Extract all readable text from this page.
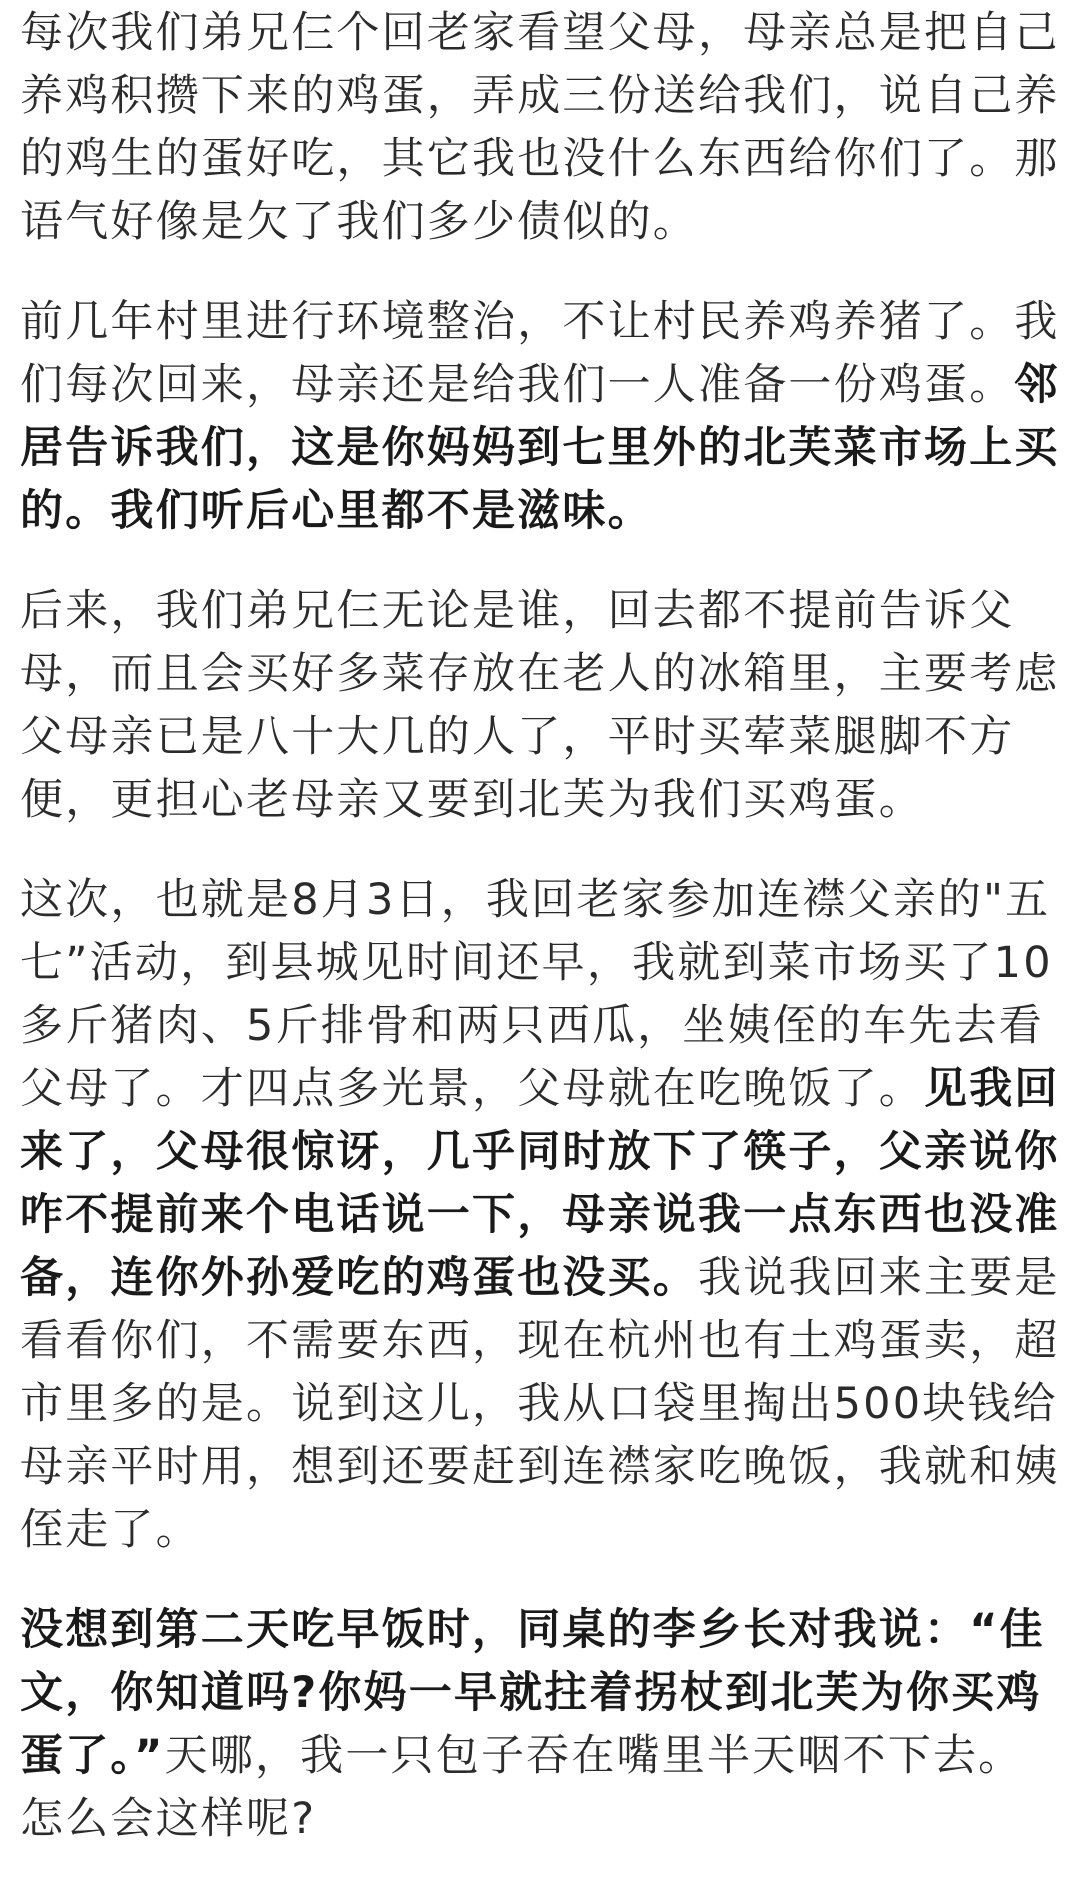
每次我们弟兄仨个回老家看望父母，母亲总是把自己养鸡积攒下来的鸡蛋，弄成三份送给我们，说自己养的鸡生的蛋好吃，其它我也没什么东西给你们了。那语气好像是欠了我们多少债似的。

前几年村里进行环境整治，不让村民养鸡养猪了。我们每次回来，母亲还是给我们一人准备一份鸡蛋。邻居告诉我们，这是你妈妈到七里外的北芙菜市场上买的。我们听后心里都不是滋味。

后来，我们弟兄仨无论是谁，回去都不提前告诉父母，而且会买好多菜存放在老人的冰箱里，主要考虑父母亲已是八十大几的人了，平时买荤菜腿脚不方便，更担心老母亲又要到北芙为我们买鸡蛋。

这次，也就是8月3日，我回老家参加连襟父亲的"五七”活动，到县城见时间还早，我就到菜市场买了10多斤猪肉、5斤排骨和两只西瓜，坐姨侄的车先去看父母了。才四点多光景，父母就在吃晚饭了。见我回来了，父母很惊讶，几乎同时放下了筷子，父亲说你咋不提前来个电话说一下，母亲说我一点东西也没准备，连你外孙爱吃的鸡蛋也没买。我说我回来主要是看看你们，不需要东西，现在杭州也有土鸡蛋卖，超市里多的是。说到这儿，我从口袋里掏出500块钱给母亲平时用，想到还要赶到连襟家吃晚饭，我就和姨侄走了。

没想到第二天吃早饭时，同桌的李乡长对我说：“佳文，你知道吗?你妈一早就拄着拐杖到北芙为你买鸡蛋了。”天哪，我一只包子吞在嘴里半天咽不下去。怎么会这样呢?
